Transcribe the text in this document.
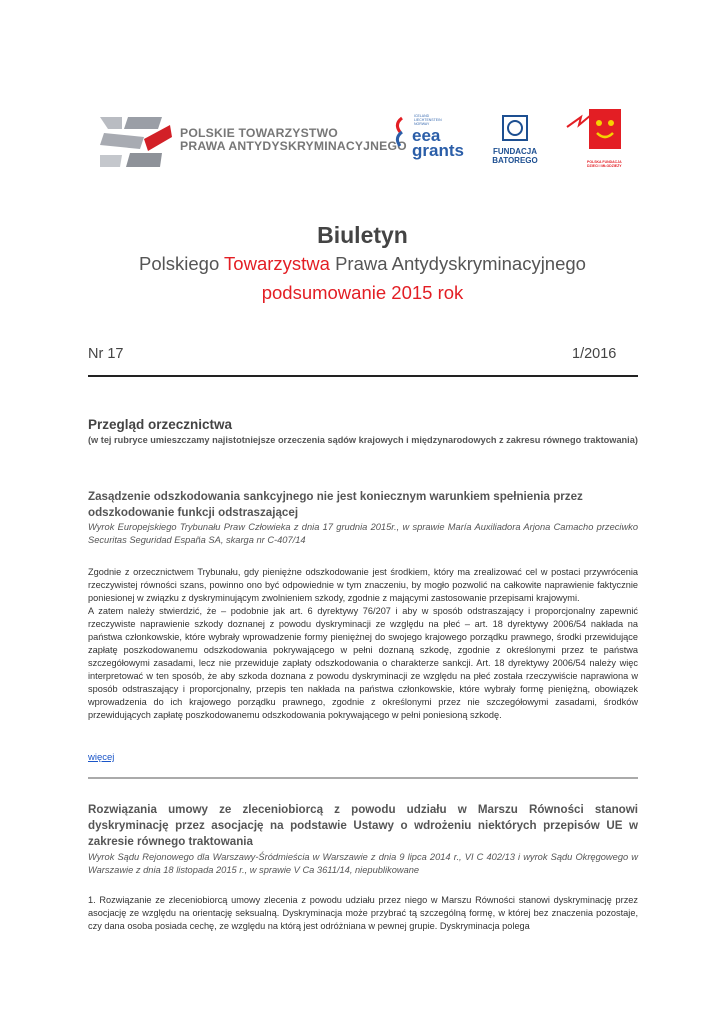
POLSKIE TOWARZYSTWO
PRAWA ANTYDYSKRYMINACYJNEGO
ICELAND
LIECHTENSTEIN
NORWAY
eea
grants	FUNDACJA
BATOREGO	POLSKA FUNDACJA DZIECI I MŁODZIEŻY
Biuletyn
Polskiego Towarzystwa Prawa Antydyskryminacyjnego
podsumowanie 2015 rok
Nr 17	1/2016
Przegląd orzecznictwa
(w tej rubryce umieszczamy najistotniejsze orzeczenia sądów krajowych i międzynarodowych z zakresu równego traktowania)
Zasądzenie odszkodowania sankcyjnego nie jest koniecznym warunkiem spełnienia przez odszkodowanie funkcji odstraszającej
Wyrok Europejskiego Trybunału Praw Człowieka z dnia 17 grudnia 2015r., w sprawie María Auxiliadora Arjona Camacho przeciwko Securitas Seguridad España SA, skarga nr C-407/14

Zgodnie z orzecznictwem Trybunału, gdy pieniężne odszkodowanie jest środkiem, który ma zrealizować cel w postaci przywrócenia rzeczywistej równości szans, powinno ono być odpowiednie w tym znaczeniu, by mogło pozwolić na całkowite naprawienie faktycznie poniesionej w związku z dyskryminującym zwolnieniem szkody, zgodnie z mającymi zastosowanie przepisami krajowymi.

A zatem należy stwierdzić, że – podobnie jak art. 6 dyrektywy 76/207 i aby w sposób odstraszający i proporcjonalny zapewnić rzeczywiste naprawienie szkody doznanej z powodu dyskryminacji ze względu na płeć – art. 18 dyrektywy 2006/54 nakłada na państwa członkowskie, które wybrały wprowadzenie formy pieniężnej do swojego krajowego porządku prawnego, środki przewidujące zapłatę poszkodowanemu odszkodowania pokrywającego w pełni doznaną szkodę, zgodnie z określonymi przez te państwa szczegółowymi zasadami, lecz nie przewiduje zapłaty odszkodowania o charakterze sankcji. Art. 18 dyrektywy 2006/54 należy więc interpretować w ten sposób, że aby szkoda doznana z powodu dyskryminacji ze względu na płeć została rzeczywiście naprawiona w sposób odstraszający i proporcjonalny, przepis ten nakłada na państwa członkowskie, które wybrały formę pieniężną, obowiązek wprowadzenia do ich krajowego porządku prawnego, zgodnie z określonymi przez nie szczegółowymi zasadami, środków przewidujących zapłatę poszkodowanemu odszkodowania pokrywającego w pełni poniesioną szkodę.

więcej
Rozwiązania umowy ze zleceniobiorcą z powodu udziału w Marszu Równości stanowi dyskryminację przez asocjację na podstawie Ustawy o wdrożeniu niektórych przepisów UE w zakresie równego traktowania
Wyrok Sądu Rejonowego dla Warszawy-Śródmieścia w Warszawie z dnia 9 lipca 2014 r., VI C 402/13 i wyrok Sądu Okręgowego w Warszawie z dnia 18 listopada 2015 r., w sprawie V Ca 3611/14, niepublikowane

1. Rozwiązanie ze zleceniobiorcą umowy zlecenia z powodu udziału przez niego w Marszu Równości stanowi dyskryminację przez asocjację ze względu na orientację seksualną. Dyskryminacja może przybrać tą szczególną formę, w której bez znaczenia pozostaje, czy dana osoba posiada cechę, ze względu na którą jest odróżniana w pewnej grupie. Dyskryminacja polega
